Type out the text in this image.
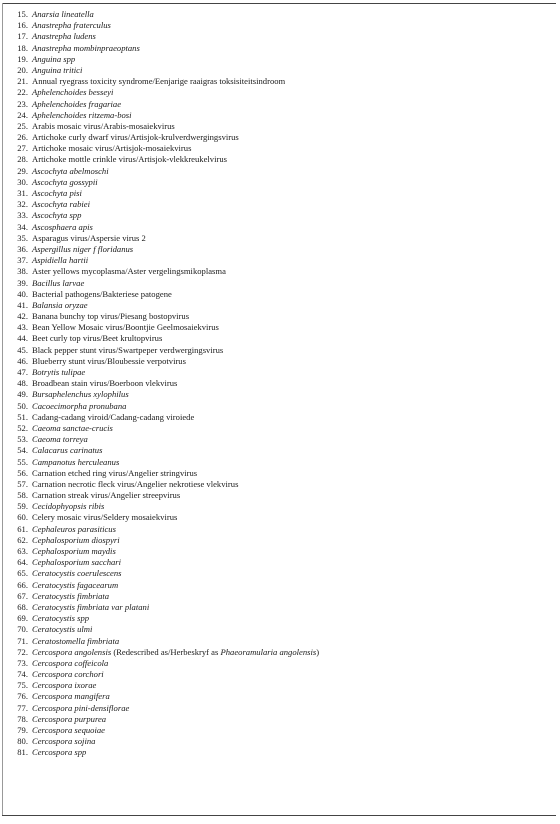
15. Anarsia lineatella
16. Anastrepha fraterculus
17. Anastrepha ludens
18. Anastrepha mombinpraeoptans
19. Anguina spp
20. Anguina tritici
21. Annual ryegrass toxicity syndrome/Eenjarige raaigras toksisiteitsindroom
22. Aphelenchoides besseyi
23. Aphelenchoides fragariae
24. Aphelenchoides ritzema-bosi
25. Arabis mosaic virus/Arabis-mosaiekvirus
26. Artichoke curly dwarf virus/Artisjok-krulverdwergingsvirus
27. Artichoke mosaic virus/Artisjok-mosaiekvirus
28. Artichoke mottle crinkle virus/Artisjok-vlekkreukelvirus
29. Ascochyta abelmoschi
30. Ascochyta gossypii
31. Ascochyta pisi
32. Ascochyta rabiei
33. Ascochyta spp
34. Ascosphaera apis
35. Asparagus virus/Aspersie virus 2
36. Aspergillus niger f floridanus
37. Aspidiella hartii
38. Aster yellows mycoplasma/Aster vergelingsmikoplasma
39. Bacillus larvae
40. Bacterial pathogens/Bakteriese patogene
41. Balansia oryzae
42. Banana bunchy top virus/Piesang bostopvirus
43. Bean Yellow Mosaic virus/Boontjie Geelmosaiekvirus
44. Beet curly top virus/Beet krultopvirus
45. Black pepper stunt virus/Swartpeper verdwergingsvirus
46. Blueberry stunt virus/Bloubessie verpotvirus
47. Botrytis tulipae
48. Broadbean stain virus/Boerboon vlekvirus
49. Bursaphelenchus xylophilus
50. Cacoecimorpha pronubana
51. Cadang-cadang viroid/Cadang-cadang viroiede
52. Caeoma sanctae-crucis
53. Caeoma torreya
54. Calacarus carinatus
55. Campanotus herculeanus
56. Carnation etched ring virus/Angelier stringvirus
57. Carnation necrotic fleck virus/Angelier nekrotiese vlekvirus
58. Carnation streak virus/Angelier streepvirus
59. Cecidophyopsis ribis
60. Celery mosaic virus/Seldery mosaiekvirus
61. Cephaleuros parasiticus
62. Cephalosporium diospyri
63. Cephalosporium maydis
64. Cephalosporium sacchari
65. Ceratocystis coerulescens
66. Ceratocystis fagacearum
67. Ceratocystis fimbriata
68. Ceratocystis fimbriata var platani
69. Ceratocystis spp
70. Ceratocystis ulmi
71. Ceratostomella fimbriata
72. Cercospora angolensis (Redescribed as/Herbeskryf as Phaeoramularia angolensis)
73. Cercospora coffeicola
74. Cercospora corchori
75. Cercospora ixorae
76. Cercospora mangifera
77. Cercospora pini-densiflorae
78. Cercospora purpurea
79. Cercospora sequoiae
80. Cercospora sojina
81. Cercospora spp
